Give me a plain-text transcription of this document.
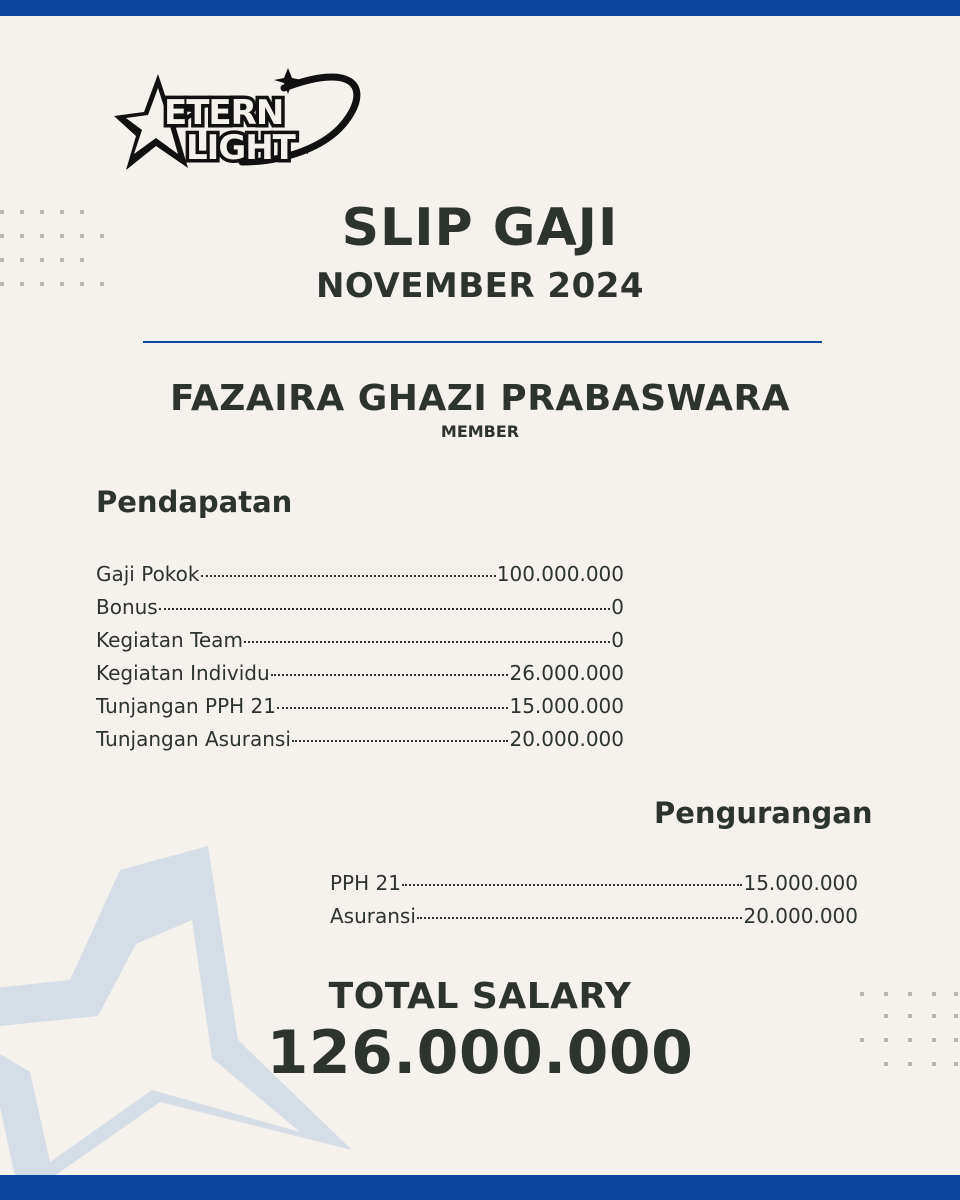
ETERN
LIGHT ENT
SLIP GAJI
NOVEMBER 2024
FAZAIRA GHAZI PRABASWARA
MEMBER
Pendapatan
Gaji Pokok	100.000.000
Bonus	0
Kegiatan Team	0
Kegiatan Individu	26.000.000
Tunjangan PPH 21	15.000.000
Tunjangan Asuransi	20.000.000
Pengurangan
PPH 21	15.000.000
Asuransi	20.000.000
TOTAL SALARY
126.000.000
